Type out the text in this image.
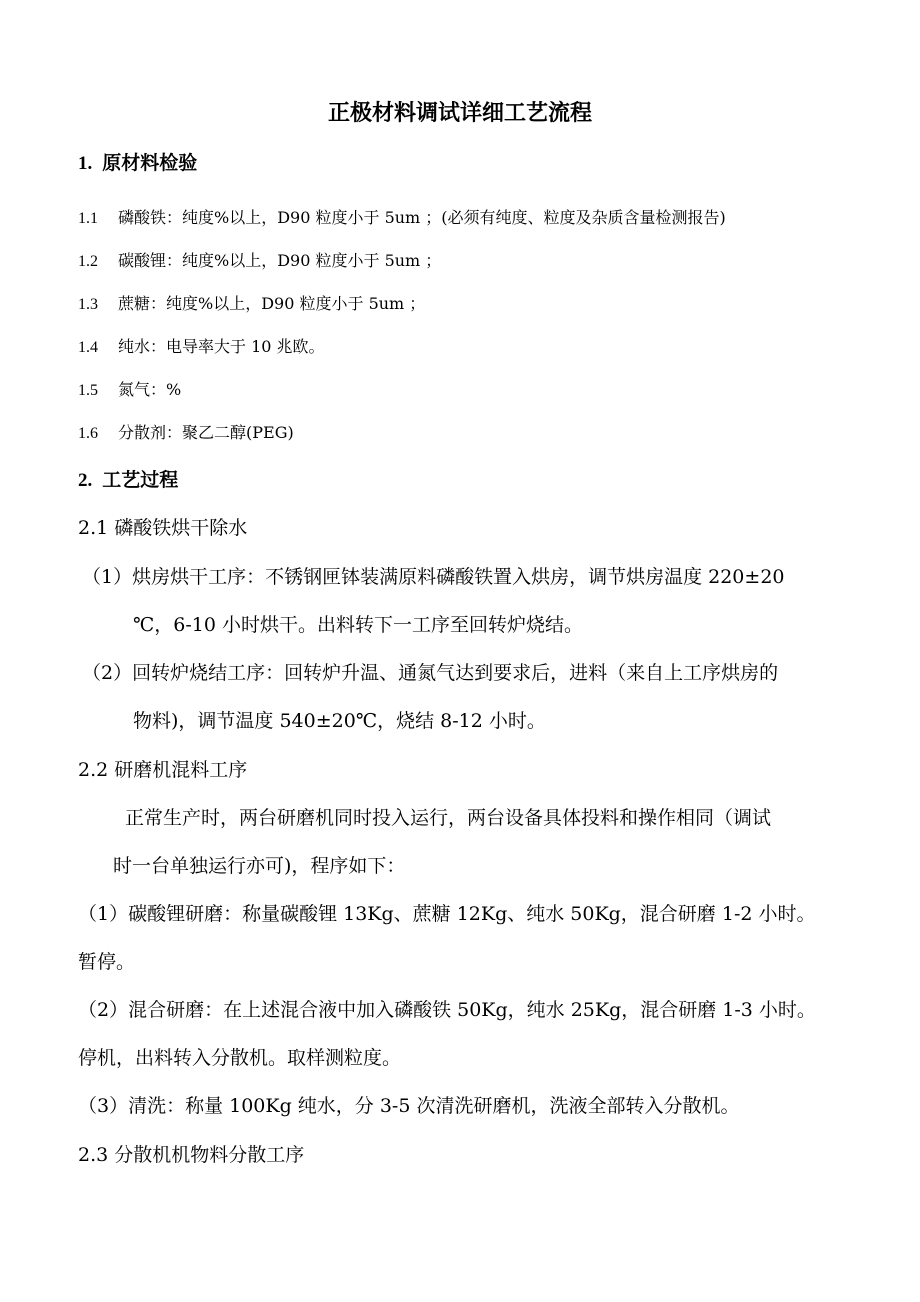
正极材料调试详细工艺流程
1. 原材料检验
1.1 磷酸铁：纯度%以上，D90 粒度小于 5um ；(必须有纯度、粒度及杂质含量检测报告)
1.2 碳酸锂：纯度%以上，D90 粒度小于 5um ；
1.3 蔗糖：纯度%以上，D90 粒度小于 5um ；
1.4 纯水：电导率大于 10 兆欧。
1.5 氮气：%
1.6 分散剂：聚乙二醇(PEG)
2. 工艺过程
2.1 磷酸铁烘干除水
（1）烘房烘干工序：不锈钢匣钵装满原料磷酸铁置入烘房，调节烘房温度 220±20
℃，6-10 小时烘干。出料转下一工序至回转炉烧结。
（2）回转炉烧结工序：回转炉升温、通氮气达到要求后，进料（来自上工序烘房的
物料)，调节温度 540±20℃，烧结 8-12 小时。
2.2 研磨机混料工序
正常生产时，两台研磨机同时投入运行，两台设备具体投料和操作相同（调试
时一台单独运行亦可)，程序如下：
（1）碳酸锂研磨：称量碳酸锂 13Kg、蔗糖 12Kg、纯水 50Kg，混合研磨 1-2 小时。
暂停。
（2）混合研磨：在上述混合液中加入磷酸铁 50Kg，纯水 25Kg，混合研磨 1-3 小时。
停机，出料转入分散机。取样测粒度。
（3）清洗：称量 100Kg 纯水，分 3-5 次清洗研磨机，洗液全部转入分散机。
2.3 分散机机物料分散工序
